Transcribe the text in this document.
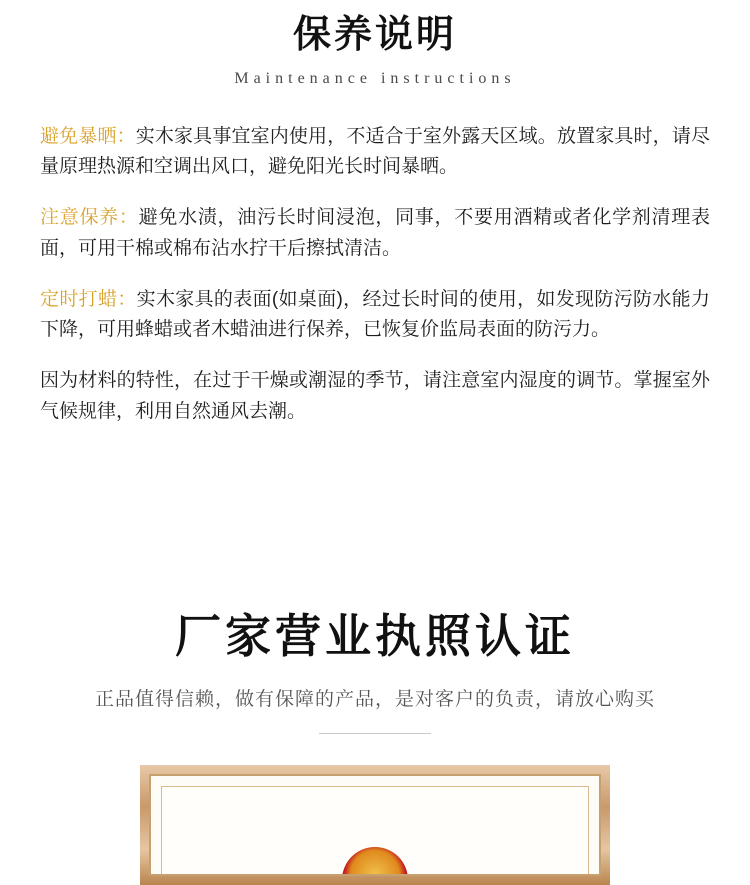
保养说明
Maintenance instructions

避免暴晒：实木家具事宜室内使用，不适合于室外露天区域。放置家具时，请尽量原理热源和空调出风口，避免阳光长时间暴晒。

注意保养：避免水渍，油污长时间浸泡，同事，不要用酒精或者化学剂清理表面，可用干棉或棉布沾水拧干后擦拭清洁。

定时打蜡：实木家具的表面(如桌面)，经过长时间的使用，如发现防污防水能力下降，可用蜂蜡或者木蜡油进行保养，已恢复价监局表面的防污力。

因为材料的特性，在过于干燥或潮湿的季节，请注意室内湿度的调节。掌握室外气候规律，利用自然通风去潮。

厂家营业执照认证
正品值得信赖，做有保障的产品，是对客户的负责，请放心购买
